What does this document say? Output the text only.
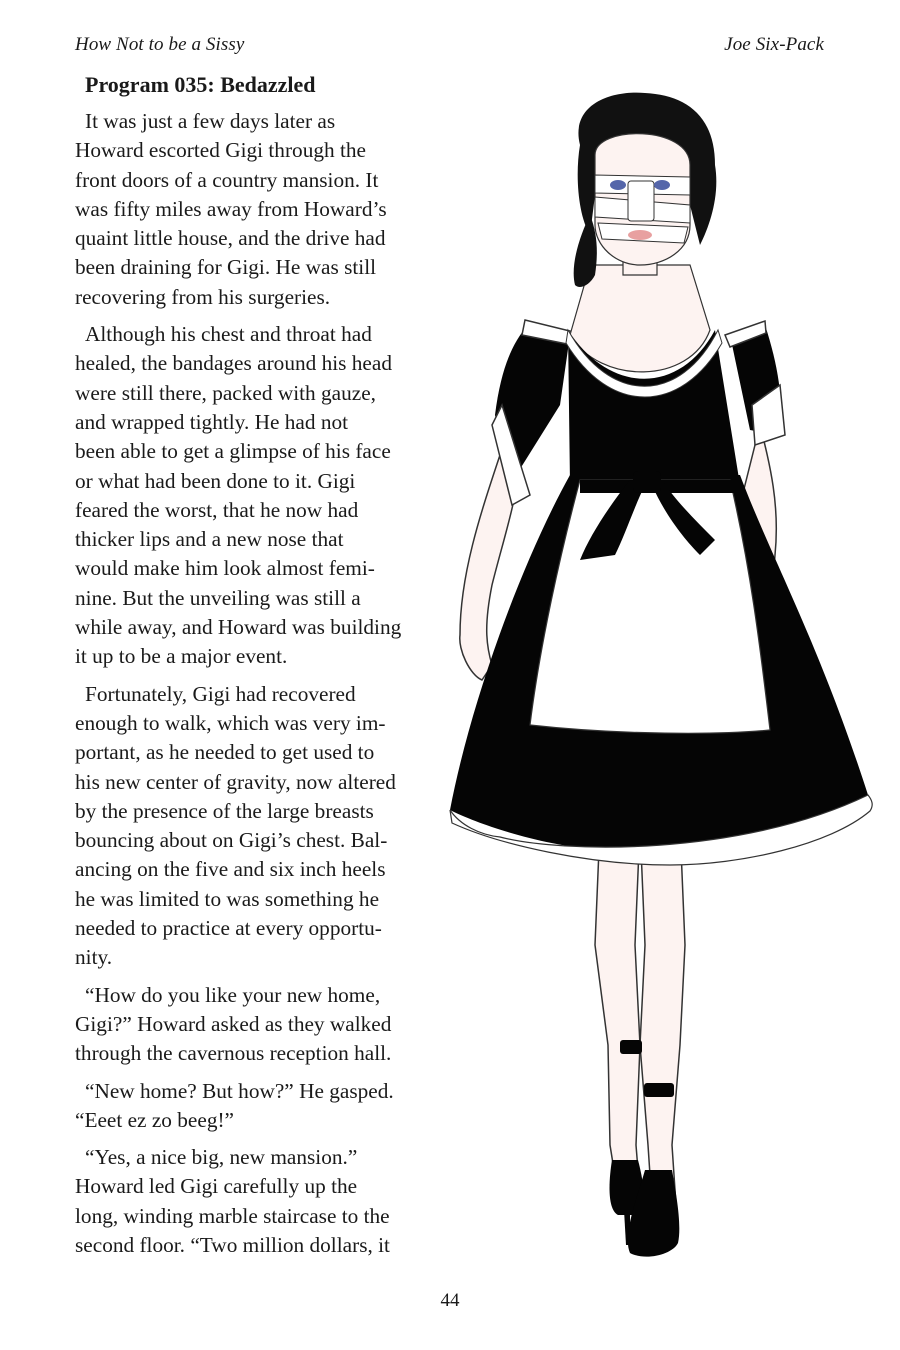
How Not to be a Sissy	Joe Six-Pack
Program 035: Bedazzled
It was just a few days later as
Howard escorted Gigi through the
front doors of a country mansion. It
was fifty miles away from Howard’s
quaint little house, and the drive had
been draining for Gigi. He was still
recovering from his surgeries.
Although his chest and throat had
healed, the bandages around his head
were still there, packed with gauze,
and wrapped tightly. He had not
been able to get a glimpse of his face
or what had been done to it. Gigi
feared the worst, that he now had
thicker lips and a new nose that
would make him look almost femi-
nine. But the unveiling was still a
while away, and Howard was building
it up to be a major event.
Fortunately, Gigi had recovered
enough to walk, which was very im-
portant, as he needed to get used to
his new center of gravity, now altered
by the presence of the large breasts
bouncing about on Gigi’s chest. Bal-
ancing on the five and six inch heels
he was limited to was something he
needed to practice at every opportu-
nity.
“How do you like your new home,
Gigi?” Howard asked as they walked
through the cavernous reception hall.
“New home? But how?” He gasped.
“Eeet ez zo beeg!”
“Yes, a nice big, new mansion.”
Howard led Gigi carefully up the
long, winding marble staircase to the
second floor. “Two million dollars, it
44
